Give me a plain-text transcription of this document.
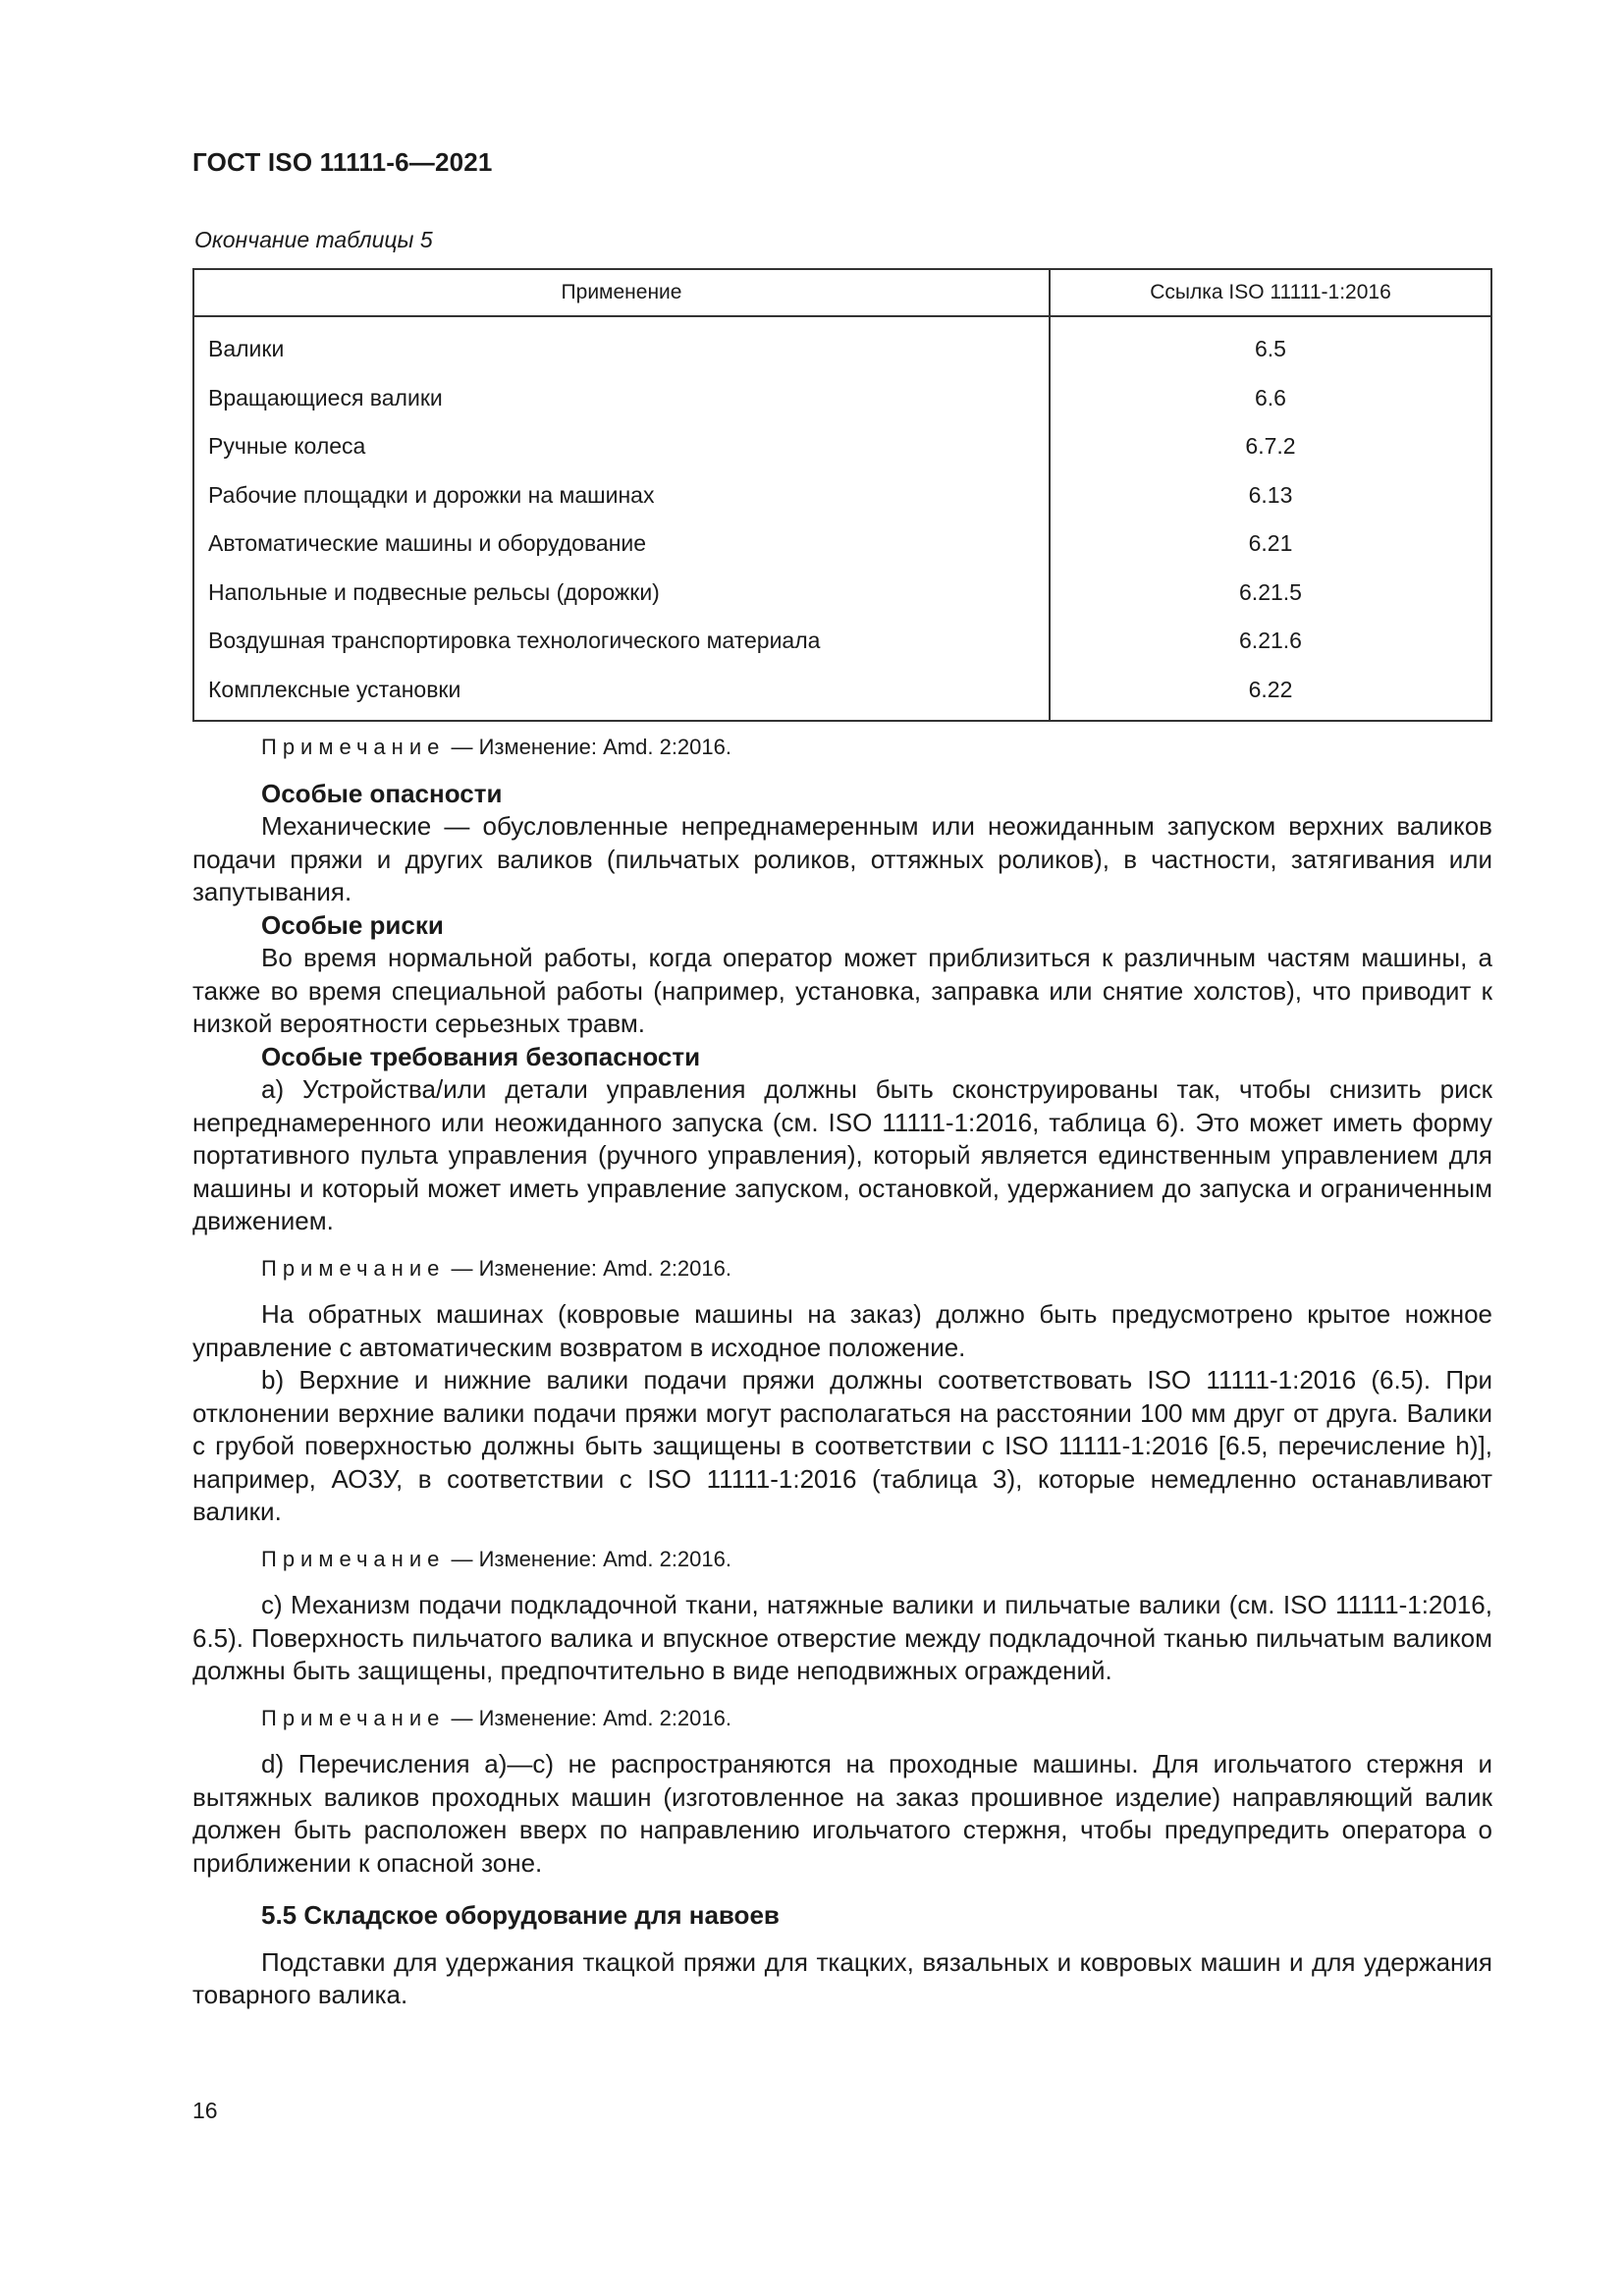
ГОСТ ISO 11111-6—2021
Окончание таблицы 5
Применение	Ссылка ISO 11111-1:2016
Валики	6.5
Вращающиеся валики	6.6
Ручные колеса	6.7.2
Рабочие площадки и дорожки на машинах	6.13
Автоматические машины и оборудование	6.21
Напольные и подвесные рельсы (дорожки)	6.21.5
Воздушная транспортировка технологического материала	6.21.6
Комплексные установки	6.22

Примечание — Изменение: Amd. 2:2016.

Особые опасности

Механические — обусловленные непреднамеренным или неожиданным запуском верхних валиков подачи пряжи и других валиков (пильчатых роликов, оттяжных роликов), в частности, затягивания или запутывания.

Особые риски

Во время нормальной работы, когда оператор может приблизиться к различным частям машины, а также во время специальной работы (например, установка, заправка или снятие холстов), что приводит к низкой вероятности серьезных травм.

Особые требования безопасности

а) Устройства/или детали управления должны быть сконструированы так, чтобы снизить риск непреднамеренного или неожиданного запуска (см. ISO 11111-1:2016, таблица 6). Это может иметь форму портативного пульта управления (ручного управления), который является единственным управлением для машины и который может иметь управление запуском, остановкой, удержанием до запуска и ограниченным движением.

Примечание — Изменение: Amd. 2:2016.

На обратных машинах (ковровые машины на заказ) должно быть предусмотрено крытое ножное управление с автоматическим возвратом в исходное положение.

b) Верхние и нижние валики подачи пряжи должны соответствовать ISO 11111-1:2016 (6.5). При отклонении верхние валики подачи пряжи могут располагаться на расстоянии 100 мм друг от друга. Валики с грубой поверхностью должны быть защищены в соответствии с ISO 11111-1:2016 [6.5, перечисление h)], например, АОЗУ, в соответствии с ISO 11111-1:2016 (таблица 3), которые немедленно останавливают валики.

Примечание — Изменение: Amd. 2:2016.

с) Механизм подачи подкладочной ткани, натяжные валики и пильчатые валики (см. ISO 11111-1:2016, 6.5). Поверхность пильчатого валика и впускное отверстие между подкладочной тканью пильчатым валиком должны быть защищены, предпочтительно в виде неподвижных ограждений.

Примечание — Изменение: Amd. 2:2016.

d) Перечисления а)—с) не распространяются на проходные машины. Для игольчатого стержня и вытяжных валиков проходных машин (изготовленное на заказ прошивное изделие) направляющий валик должен быть расположен вверх по направлению игольчатого стержня, чтобы предупредить оператора о приближении к опасной зоне.

5.5 Складское оборудование для навоев

Подставки для удержания ткацкой пряжи для ткацких, вязальных и ковровых машин и для удержания товарного валика.

16
